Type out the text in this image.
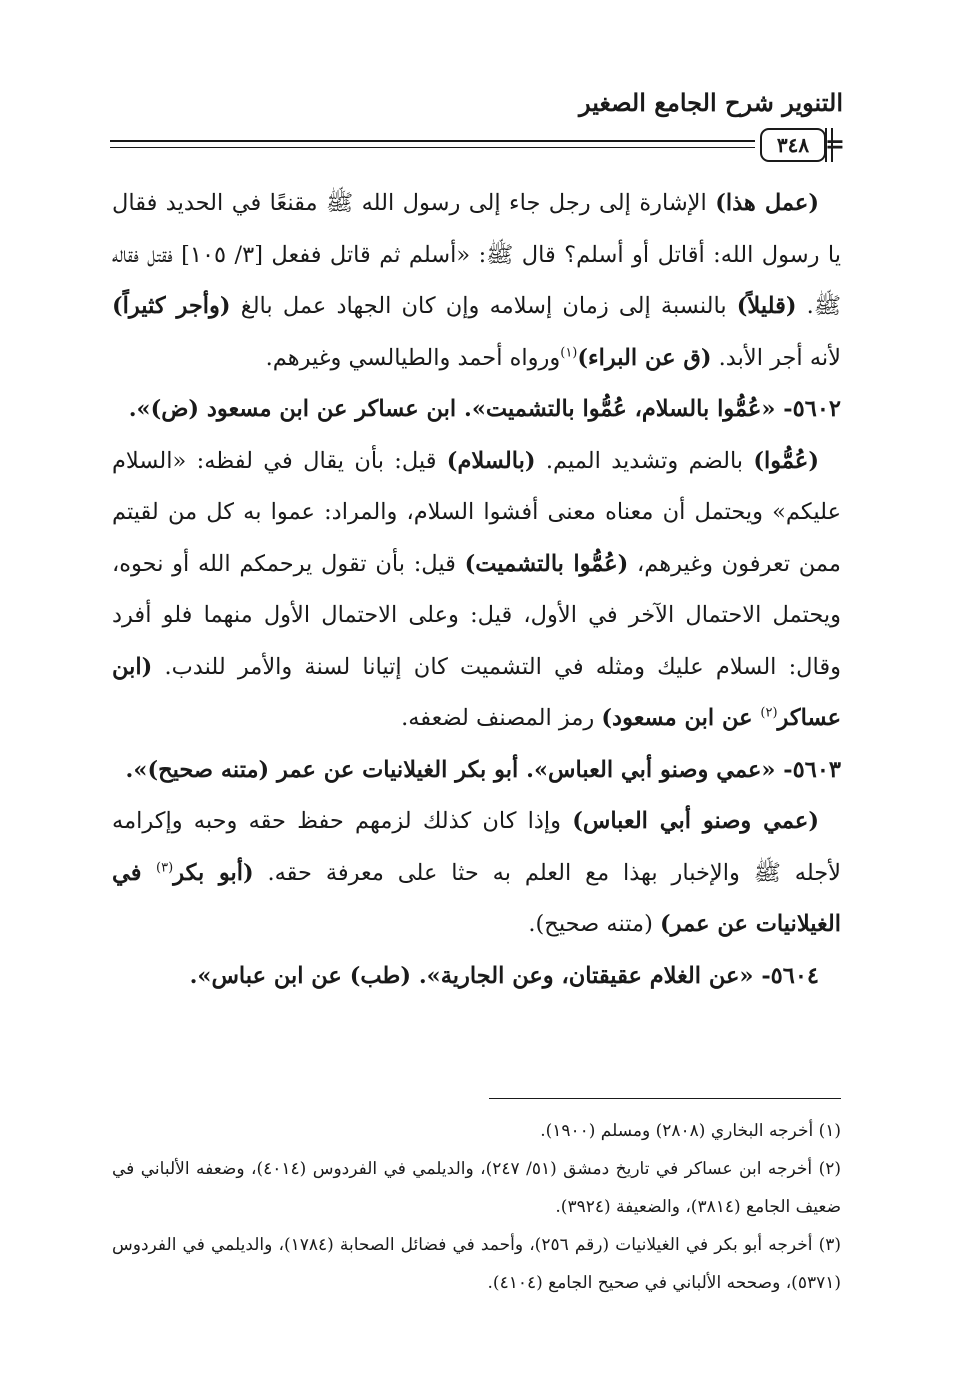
التنوير شرح الجامع الصغير
٣٤٨ =

(عمل هذا) الإشارة إلى رجل جاء إلى رسول الله ﷺ مقنعًا في الحديد فقال يا رسول الله: أقاتل أو أسلم؟ قال ﷺ: «أسلم ثم قاتل ففعل [٣/ ١٠٥] فقتل فقاله ﷺ. (قليلاً) بالنسبة إلى زمان إسلامه وإن كان الجهاد عمل بالغ (وأجر كثيراً) لأنه أجر الأبد. (ق عن البراء)$^{(١)}$ورواه أحمد والطيالسي وغيرهم.

٥٦٠٢- «عُمُّوا بالسلام، عُمُّوا بالتشميت». ابن عساكر عن ابن مسعود (ض)».

(عُمُّوا) بالضم وتشديد الميم. (بالسلام) قيل: بأن يقال في لفظه: «السلام عليكم» ويحتمل أن معناه معنى أفشوا السلام، والمراد: عموا به كل من لقيتم ممن تعرفون وغيرهم، (عُمُّوا بالتشميت) قيل: بأن تقول يرحمكم الله أو نحوه، ويحتمل الاحتمال الآخر في الأول، قيل: وعلى الاحتمال الأول منهما فلو أفرد وقال: السلام عليك ومثله في التشميت كان إتيانا لسنة والأمر للندب. (ابن عساكر$^{(٢)}$ عن ابن مسعود) رمز المصنف لضعفه.

٥٦٠٣- «عمي وصنو أبي العباس». أبو بكر الغيلانيات عن عمر (متنه صحيح)».

(عمي وصنو أبي العباس) وإذا كان كذلك لزمهم حفظ حقه وحبه وإكرامه لأجله ﷺ والإخبار بهذا مع العلم به حثا على معرفة حقه. (أبو بكر$^{(٣)}$ في الغيلانيات عن عمر) (متنه صحيح).

٥٦٠٤- «عن الغلام عقيقتان، وعن الجارية». (طب) عن ابن عباس».

(١) أخرجه البخاري (٢٨٠٨) ومسلم (١٩٠٠).

(٢) أخرجه ابن عساكر في تاريخ دمشق (٥١/ ٢٤٧)، والديلمي في الفردوس (٤٠١٤)، وضعفه الألباني في ضعيف الجامع (٣٨١٤)، والضعيفة (٣٩٢٤).

(٣) أخرجه أبو بكر في الغيلانيات (رقم ٢٥٦)، وأحمد في فضائل الصحابة (١٧٨٤)، والديلمي في الفردوس (٥٣٧١)، وصححه الألباني في صحيح الجامع (٤١٠٤).
